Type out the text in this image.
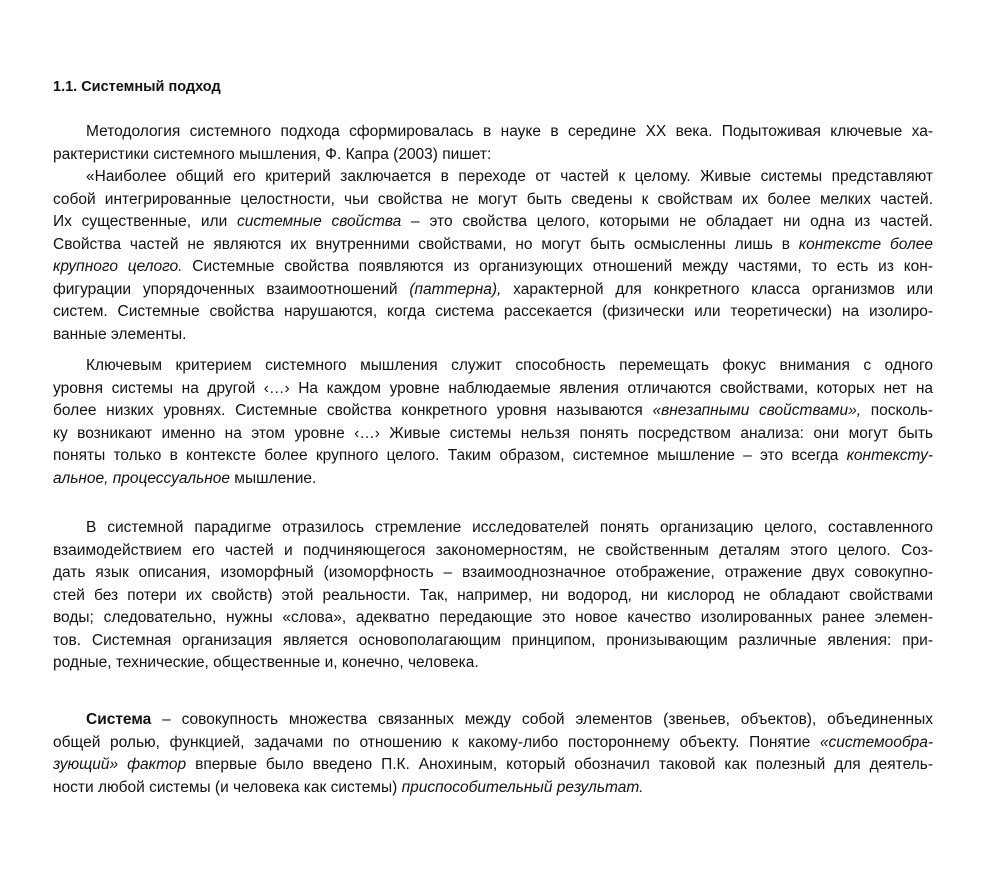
1.1. Системный подход
Методология системного подхода сформировалась в науке в середине XX века. Подытоживая ключевые ха-
рактеристики системного мышления, Ф. Капра (2003) пишет:
«Наиболее общий его критерий заключается в переходе от частей к целому. Живые системы представляют
собой интегрированные целостности, чьи свойства не могут быть сведены к свойствам их более мелких частей.
Их существенные, или системные свойства – это свойства целого, которыми не обладает ни одна из частей.
Свойства частей не являются их внутренними свойствами, но могут быть осмысленны лишь в контексте более
крупного целого. Системные свойства появляются из организующих отношений между частями, то есть из кон-
фигурации упорядоченных взаимоотношений (паттерна), характерной для конкретного класса организмов или
систем. Системные свойства нарушаются, когда система рассекается (физически или теоретически) на изолиро-
ванные элементы.
Ключевым критерием системного мышления служит способность перемещать фокус внимания с одного
уровня системы на другой ‹…› На каждом уровне наблюдаемые явления отличаются свойствами, которых нет на
более низких уровнях. Системные свойства конкретного уровня называются «внезапными свойствами», посколь-
ку возникают именно на этом уровне ‹…› Живые системы нельзя понять посредством анализа: они могут быть
поняты только в контексте более крупного целого. Таким образом, системное мышление – это всегда контексту-
альное, процессуальное мышление.
В системной парадигме отразилось стремление исследователей понять организацию целого, составленного
взаимодействием его частей и подчиняющегося закономерностям, не свойственным деталям этого целого. Соз-
дать язык описания, изоморфный (изоморфность – взаимооднозначное отображение, отражение двух совокупно-
стей без потери их свойств) этой реальности. Так, например, ни водород, ни кислород не обладают свойствами
воды; следовательно, нужны «слова», адекватно передающие это новое качество изолированных ранее элемен-
тов. Системная организация является основополагающим принципом, пронизывающим различные явления: при-
родные, технические, общественные и, конечно, человека.
Система – совокупность множества связанных между собой элементов (звеньев, объектов), объединенных
общей ролью, функцией, задачами по отношению к какому-либо постороннему объекту. Понятие «системообра-
зующий» фактор впервые было введено П.К. Анохиным, который обозначил таковой как полезный для деятель-
ности любой системы (и человека как системы) приспособительный результат.
